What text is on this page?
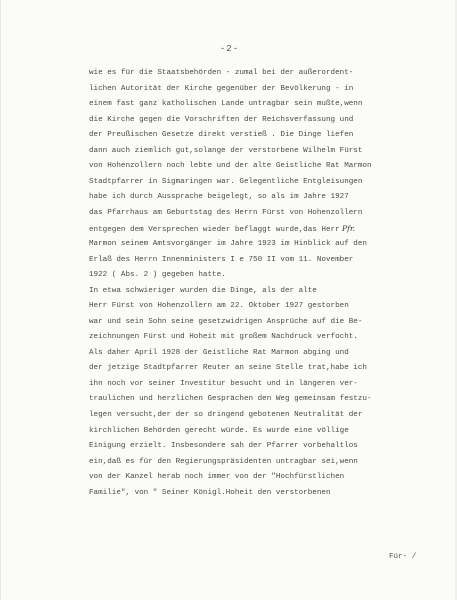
-2-
wie es für die Staatsbehörden - zumal bei der außerordent-
lichen Autorität der Kirche gegenüber der Bevölkerung - in
einem fast ganz katholischen Lande untragbar sein mußte,wenn
die Kirche gegen die Vorschriften der Reichsverfassung und
der Preußischen Gesetze direkt verstieß . Die Dinge liefen
dann auch ziemlich gut,solange der verstorbene Wilhelm Fürst
von Hohenzollern noch lebte und der alte Geistliche Rat Marmon
Stadtpfarrer in Sigmaringen war. Gelegentliche Entgleisungen
habe ich durch Aussprache beigelegt, so als im Jahre 1927
das Pfarrhaus am Geburtstag des Herrn Fürst von Hohenzollern
entgegen dem Versprechen wieder beflaggt wurde,das Herr Pfr.
Marmon seinem Amtsvorgänger im Jahre 1923 im Hinblick auf den
Erlaß des Herrn Innenministers I e 750 II vom 11. November
1922 ( Abs. 2 ) gegeben hatte.
In etwa schwieriger wurden die Dinge, als der alte
Herr Fürst von Hohenzollern am 22. Oktober 1927 gestorben
war und sein Sohn seine gesetzwidrigen Ansprüche auf die Be-
zeichnungen Fürst und Hoheit mit großem Nachdruck verfocht.
Als daher April 1928 der Geistliche Rat Marmon abging und
der jetzige Stadtpfarrer Reuter an seine Stelle trat,habe ich
ihn noch vor seiner Investitur besucht und in längeren ver-
traulichen und herzlichen Gesprächen den Weg gemeinsam festzu-
legen versucht,der der so dringend gebotenen Neutralität der
kirchlichen Behörden gerecht würde. Es wurde eine völlige
Einigung erzielt. Insbesondere sah der Pfarrer vorbehaltlos
ein,daß es für den Regierungspräsidenten untragbar sei,wenn
von der Kanzel herab noch immer von der "Hochfürstlichen
Familie", von " Seiner Königl.Hoheit den verstorbenen
Für- /
